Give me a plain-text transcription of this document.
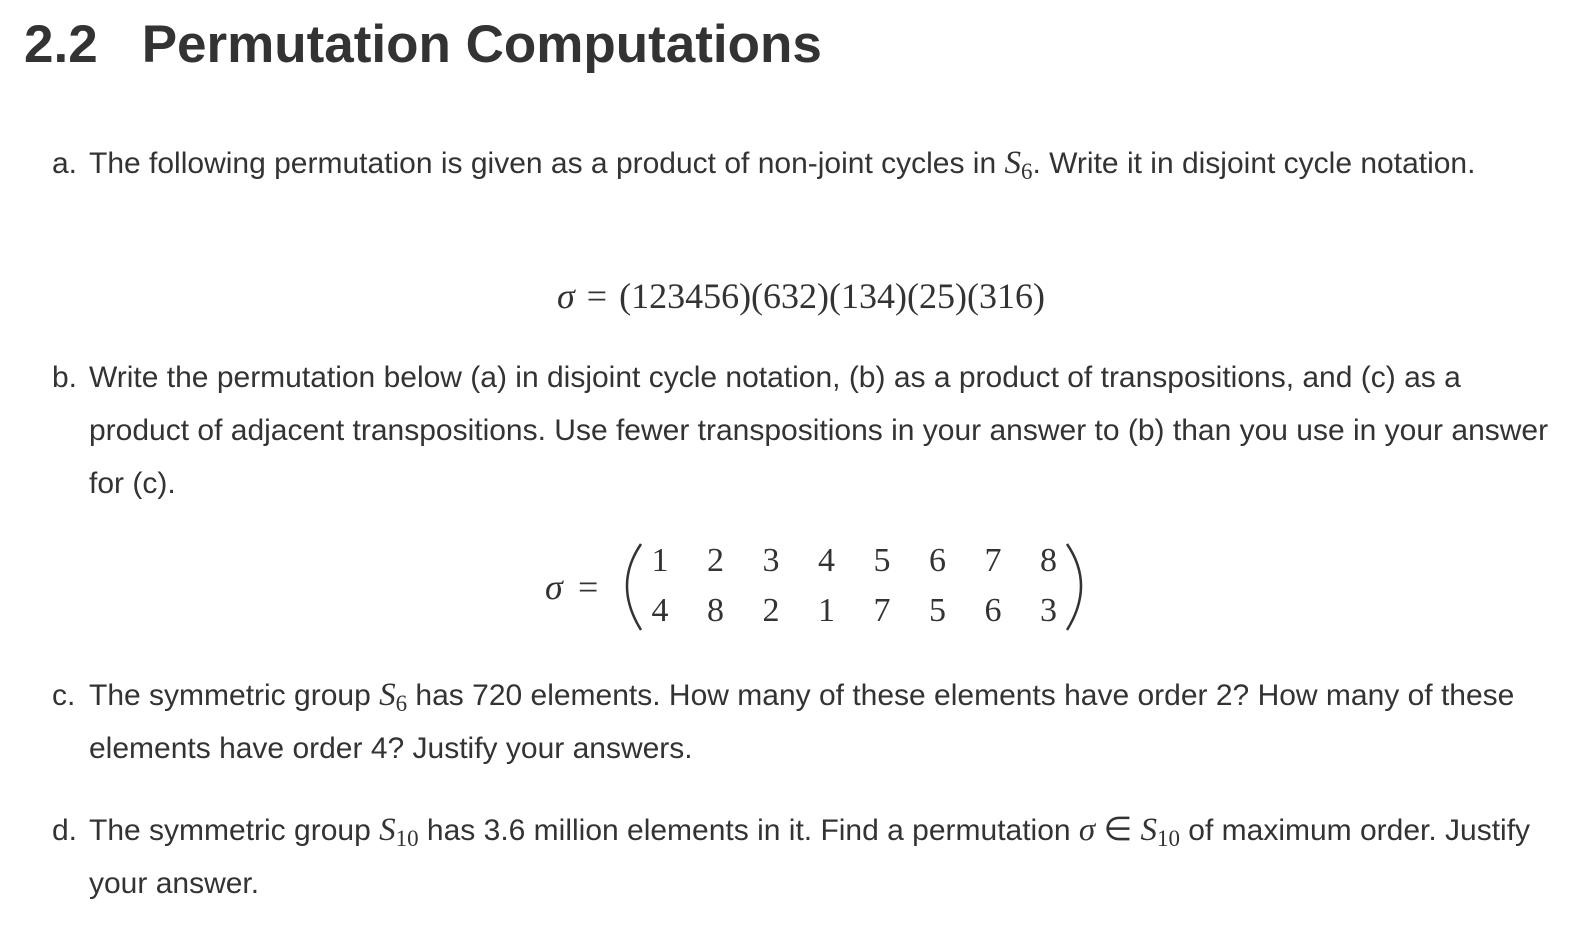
2.2 Permutation Computations
a. The following permutation is given as a product of non-joint cycles in $S_6$. Write it in disjoint cycle notation.
σ = (123456)(632)(134)(25)(316)
b. Write the permutation below (a) in disjoint cycle notation, (b) as a product of transpositions, and (c) as a product of adjacent transpositions. Use fewer transpositions in your answer to (b) than you use in your answer for (c).
σ =
1	2	3	4	5	6	7	8
4	8	2	1	7	5	6	3
c. The symmetric group $S_6$ has 720 elements. How many of these elements have order 2? How many of these elements have order 4? Justify your answers.
d. The symmetric group $S_{10}$ has 3.6 million elements in it. Find a permutation σ ∈ $S_{10}$ of maximum order. Justify your answer.
